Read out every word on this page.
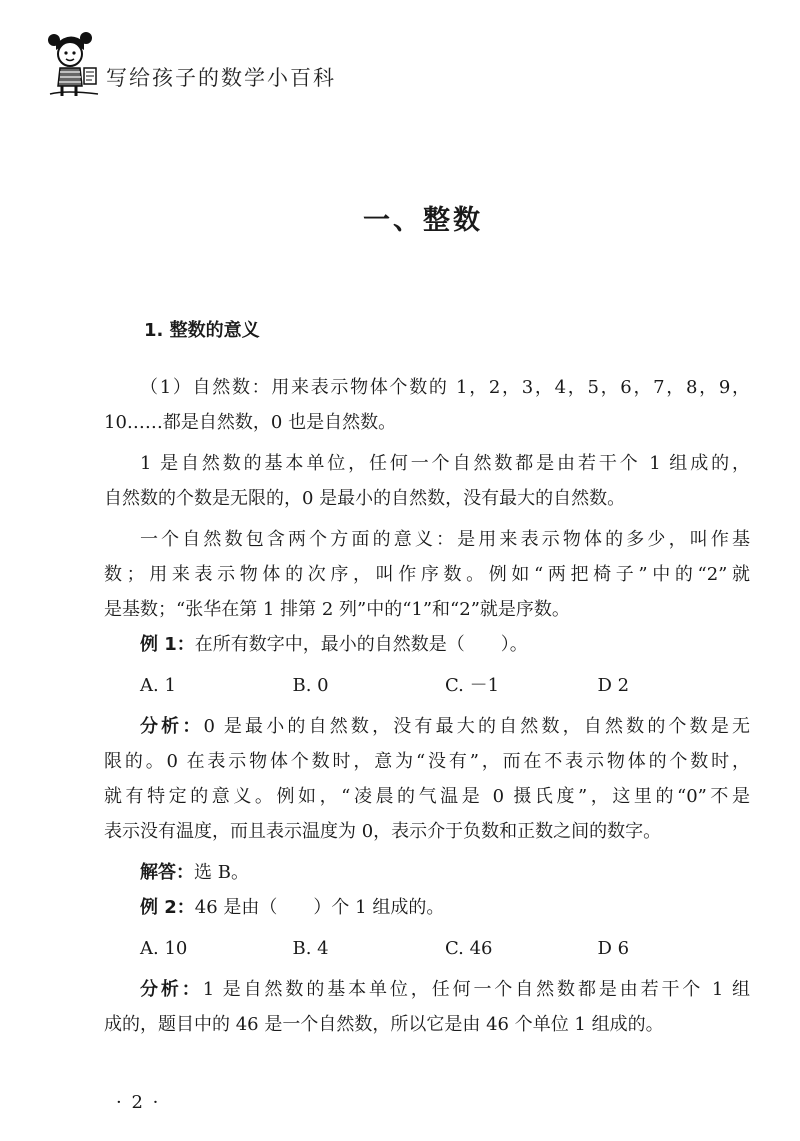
写给孩子的数学小百科
一、整数
1. 整数的意义
（1）自然数：用来表示物体个数的 1，2，3，4，5，6，7，8，9，
10……都是自然数，0 也是自然数。
1 是自然数的基本单位，任何一个自然数都是由若干个 1 组成的，
自然数的个数是无限的，0 是最小的自然数，没有最大的自然数。
一个自然数包含两个方面的意义：是用来表示物体的多少，叫作基
数；用来表示物体的次序，叫作序数。例如“两把椅子”中的“2”就
是基数；“张华在第 1 排第 2 列”中的“1”和“2”就是序数。
例 1：在所有数字中，最小的自然数是（　　）。
A. 1	B. 0	C. －1	D 2
分析：0 是最小的自然数，没有最大的自然数，自然数的个数是无
限的。0 在表示物体个数时，意为“没有”，而在不表示物体的个数时，
就有特定的意义。例如，“凌晨的气温是 0 摄氏度”，这里的“0”不是
表示没有温度，而且表示温度为 0，表示介于负数和正数之间的数字。
解答：选 B。
例 2：46 是由（　　）个 1 组成的。
A. 10	B. 4	C. 46	D 6
分析：1 是自然数的基本单位，任何一个自然数都是由若干个 1 组
成的，题目中的 46 是一个自然数，所以它是由 46 个单位 1 组成的。
· 2 ·
